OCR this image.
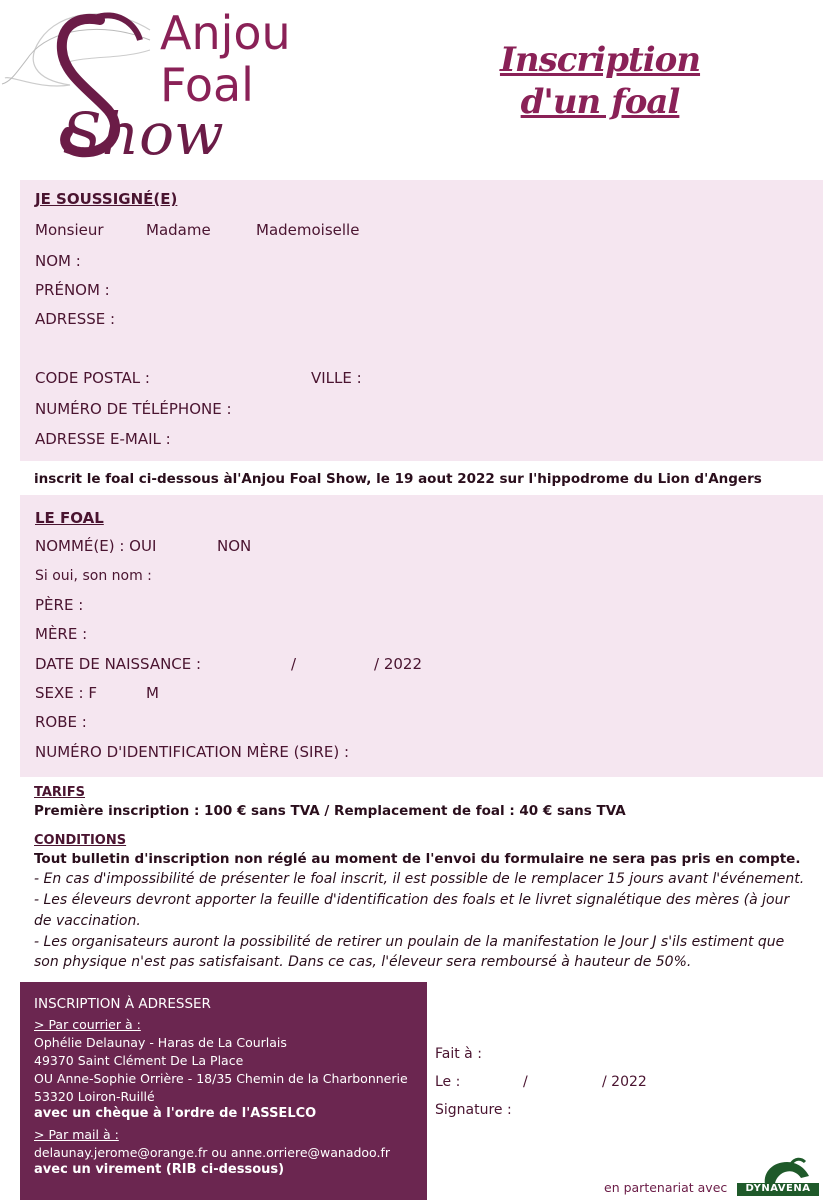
Anjou
Foal
Show
Inscription
d'un foal
JE SOUSSIGNÉ(E)
Monsieur	Madame	Mademoiselle
NOM :
PRÉNOM :
ADRESSE :
CODE POSTAL :	VILLE :
NUMÉRO DE TÉLÉPHONE :
ADRESSE E-MAIL :
inscrit le foal ci-dessous àl'Anjou Foal Show, le 19 aout 2022 sur l'hippodrome du Lion d'Angers
LE FOAL
NOMMÉ(E) : OUI	NON
Si oui, son nom :
PÈRE :
MÈRE :
DATE DE NAISSANCE :	/	/ 2022
SEXE : F	M
ROBE :
NUMÉRO D'IDENTIFICATION MÈRE (SIRE) :
TARIFS
Première inscription : 100 € sans TVA / Remplacement de foal : 40 € sans TVA
CONDITIONS
Tout bulletin d'inscription non réglé au moment de l'envoi du formulaire ne sera pas pris en compte.
- En cas d'impossibilité de présenter le foal inscrit, il est possible de le remplacer 15 jours avant l'événement.
- Les éleveurs devront apporter la feuille d'identification des foals et le livret signalétique des mères (à jour
de vaccination.
- Les organisateurs auront la possibilité de retirer un poulain de la manifestation le Jour J s'ils estiment que
son physique n'est pas satisfaisant. Dans ce cas, l'éleveur sera remboursé à hauteur de 50%.
INSCRIPTION À ADRESSER
> Par courrier à :
Ophélie Delaunay - Haras de La Courlais
49370 Saint Clément De La Place
OU Anne-Sophie Orrière - 18/35 Chemin de la Charbonnerie
53320 Loiron-Ruillé
avec un chèque à l'ordre de l'ASSELCO
> Par mail à :
delaunay.jerome@orange.fr ou anne.orriere@wanadoo.fr
avec un virement (RIB ci-dessous)
Fait à :
Le :	/	/ 2022
Signature :
en partenariat avec	DYNAVENA
